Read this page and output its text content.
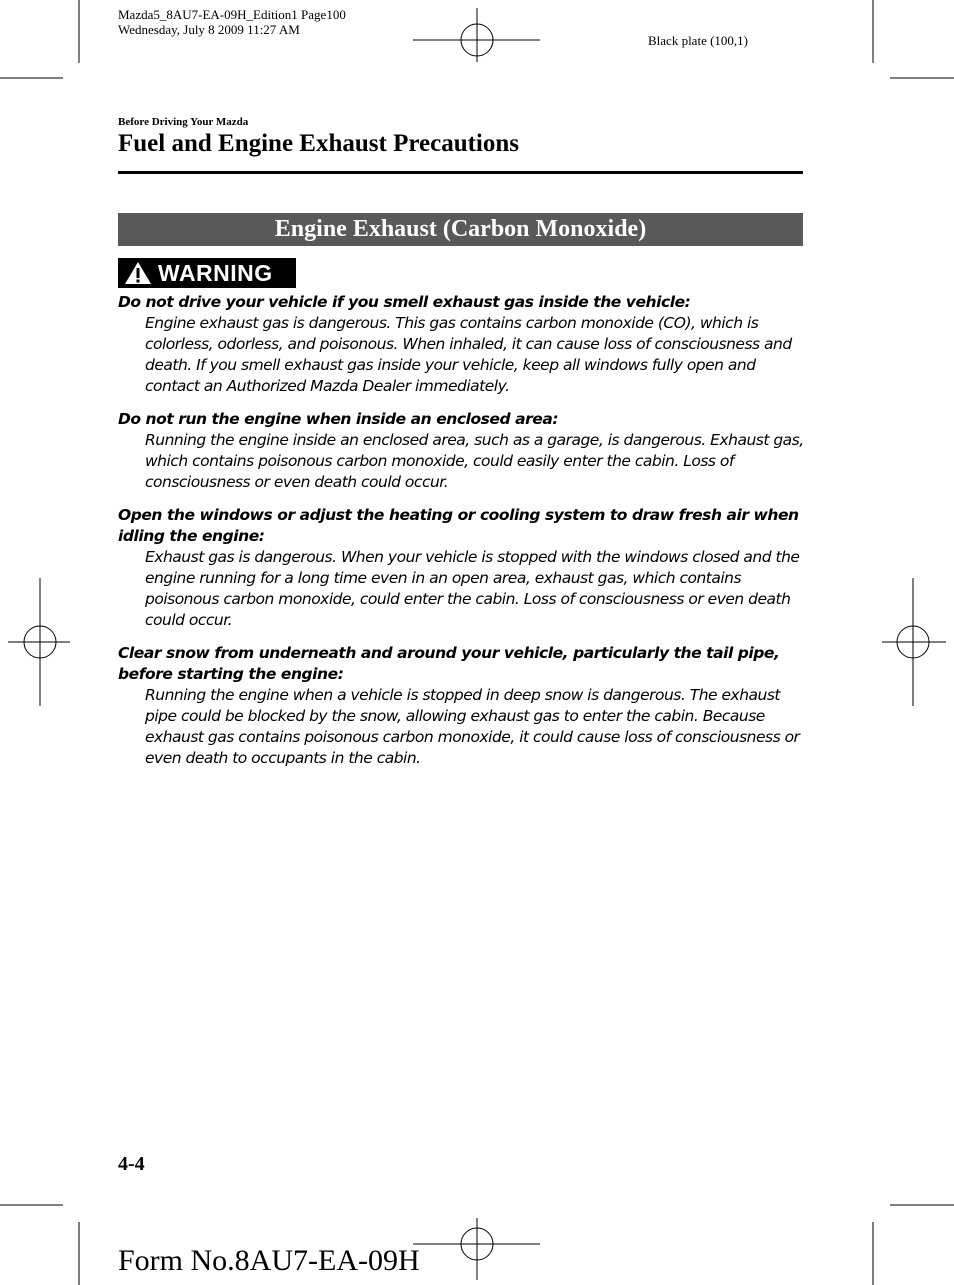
Mazda5_8AU7-EA-09H_Edition1 Page100
Wednesday, July 8 2009 11:27 AM
Black plate (100,1)
Before Driving Your Mazda
Fuel and Engine Exhaust Precautions
Engine Exhaust (Carbon Monoxide)
WARNING
Do not drive your vehicle if you smell exhaust gas inside the vehicle:
Engine exhaust gas is dangerous. This gas contains carbon monoxide (CO), which is colorless, odorless, and poisonous. When inhaled, it can cause loss of consciousness and death. If you smell exhaust gas inside your vehicle, keep all windows fully open and contact an Authorized Mazda Dealer immediately.
Do not run the engine when inside an enclosed area:
Running the engine inside an enclosed area, such as a garage, is dangerous. Exhaust gas, which contains poisonous carbon monoxide, could easily enter the cabin. Loss of consciousness or even death could occur.
Open the windows or adjust the heating or cooling system to draw fresh air when idling the engine:
Exhaust gas is dangerous. When your vehicle is stopped with the windows closed and the engine running for a long time even in an open area, exhaust gas, which contains poisonous carbon monoxide, could enter the cabin. Loss of consciousness or even death could occur.
Clear snow from underneath and around your vehicle, particularly the tail pipe, before starting the engine:
Running the engine when a vehicle is stopped in deep snow is dangerous. The exhaust pipe could be blocked by the snow, allowing exhaust gas to enter the cabin. Because exhaust gas contains poisonous carbon monoxide, it could cause loss of consciousness or even death to occupants in the cabin.
4-4
Form No.8AU7-EA-09H
